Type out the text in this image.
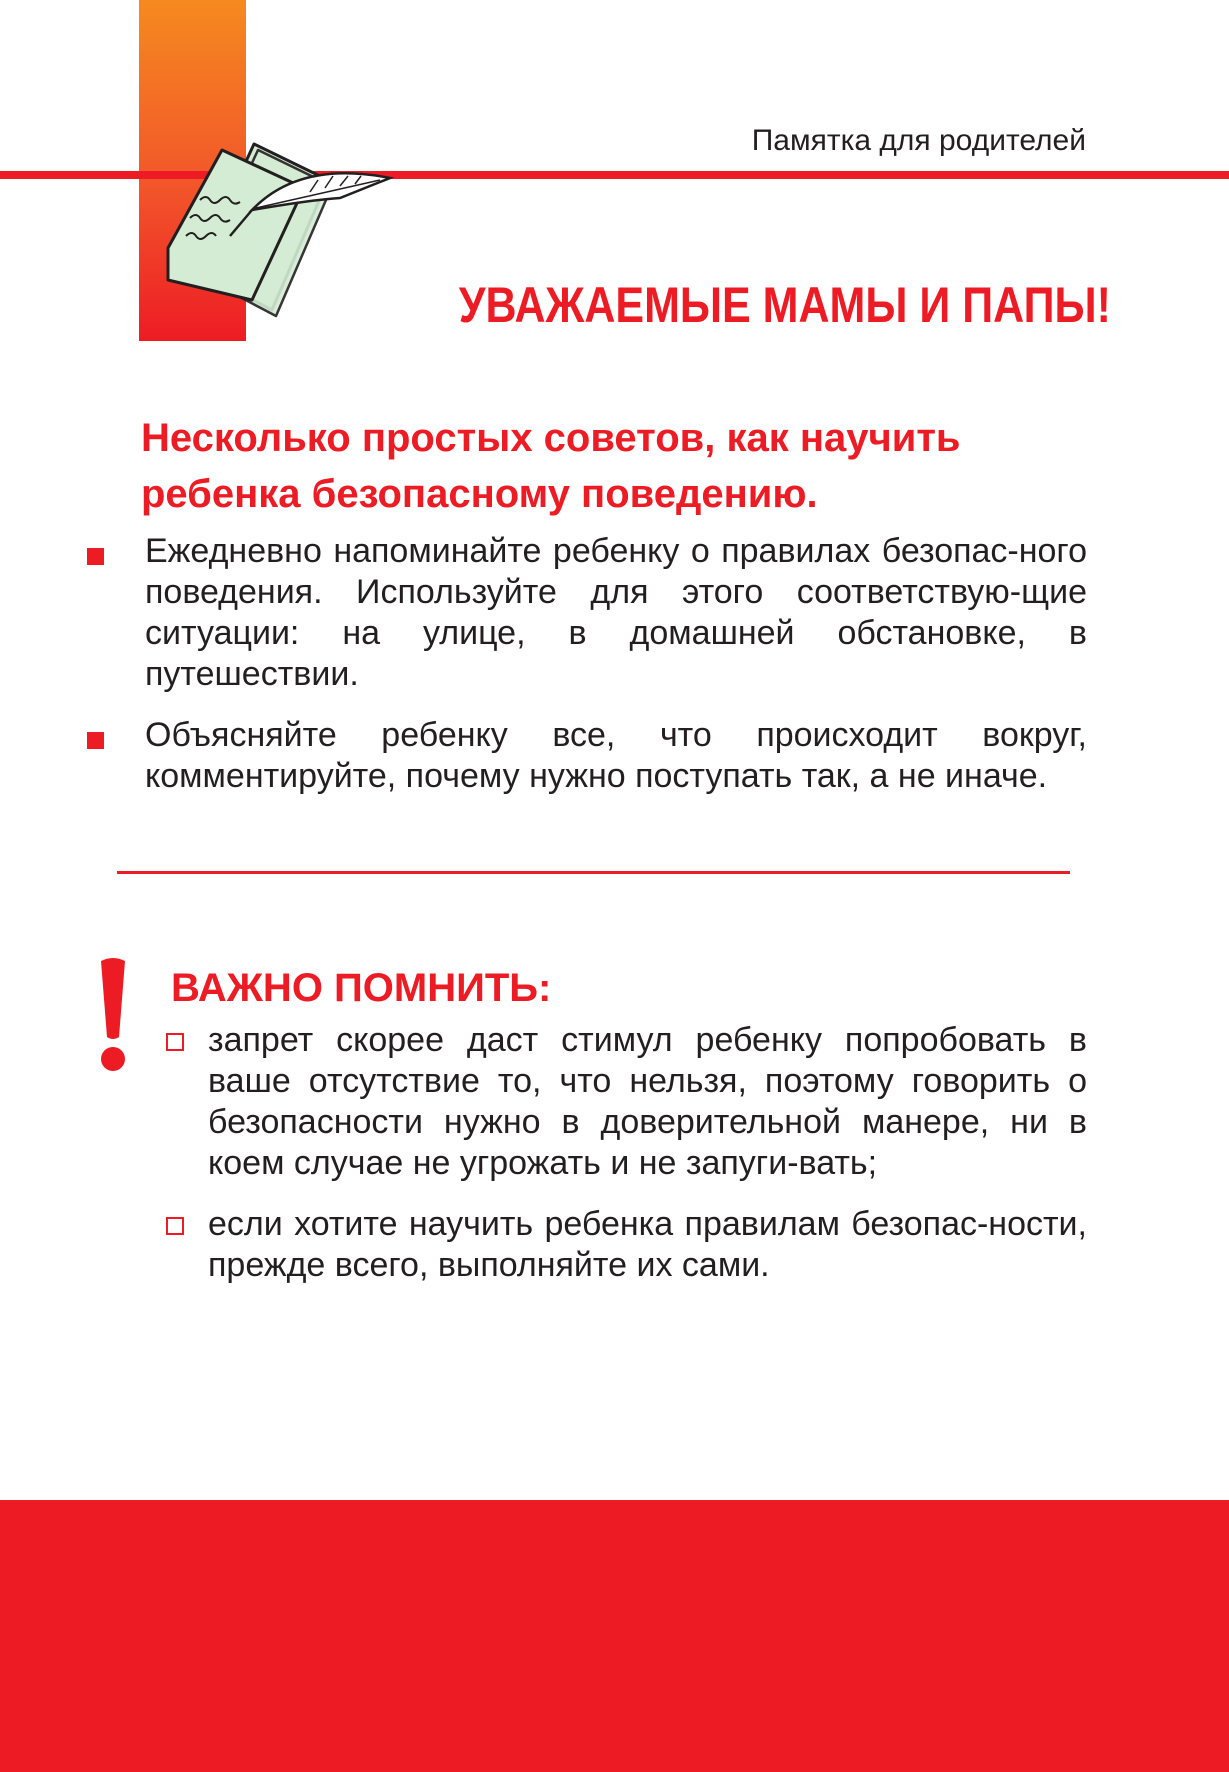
Памятка для родителей
УВАЖАЕМЫЕ МАМЫ И ПАПЫ!
Несколько простых советов, как научить ребенка безопасному поведению.
Ежедневно напоминайте ребенку о правилах безопас-ного поведения. Используйте для этого соответствую-щие ситуации: на улице, в домашней обстановке, в путешествии.
Объясняйте ребенку все, что происходит вокруг, комментируйте, почему нужно поступать так, а не иначе.
ВАЖНО ПОМНИТЬ:
запрет скорее даст стимул ребенку попробовать в ваше отсутствие то, что нельзя, поэтому говорить о безопасности нужно в доверительной манере, ни в коем случае не угрожать и не запуги-вать;
если хотите научить ребенка правилам безопас-ности, прежде всего, выполняйте их сами.
